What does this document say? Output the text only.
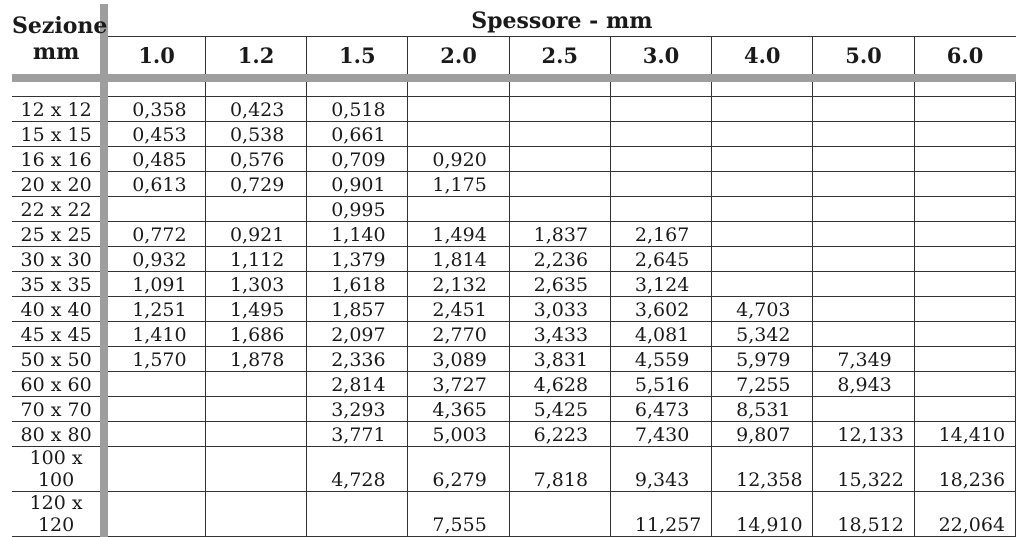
Sezione
mm	Spessore - mm								
	1.0	1.2	1.5	2.0	2.5	3.0	4.0	5.0	6.0

12 x 12	0,358	0,423	0,518						
15 x 15	0,453	0,538	0,661						
16 x 16	0,485	0,576	0,709	0,920					
20 x 20	0,613	0,729	0,901	1,175					
22 x 22			0,995						
25 x 25	0,772	0,921	1,140	1,494	1,837	2,167			
30 x 30	0,932	1,112	1,379	1,814	2,236	2,645			
35 x 35	1,091	1,303	1,618	2,132	2,635	3,124			
40 x 40	1,251	1,495	1,857	2,451	3,033	3,602	4,703		
45 x 45	1,410	1,686	2,097	2,770	3,433	4,081	5,342		
50 x 50	1,570	1,878	2,336	3,089	3,831	4,559	5,979	7,349	
60 x 60			2,814	3,727	4,628	5,516	7,255	8,943	
70 x 70			3,293	4,365	5,425	6,473	8,531		
80 x 80			3,771	5,003	6,223	7,430	9,807	12,133	14,410
100 x 100			4,728	6,279	7,818	9,343	12,358	15,322	18,236
120 x 120				7,555		11,257	14,910	18,512	22,064
